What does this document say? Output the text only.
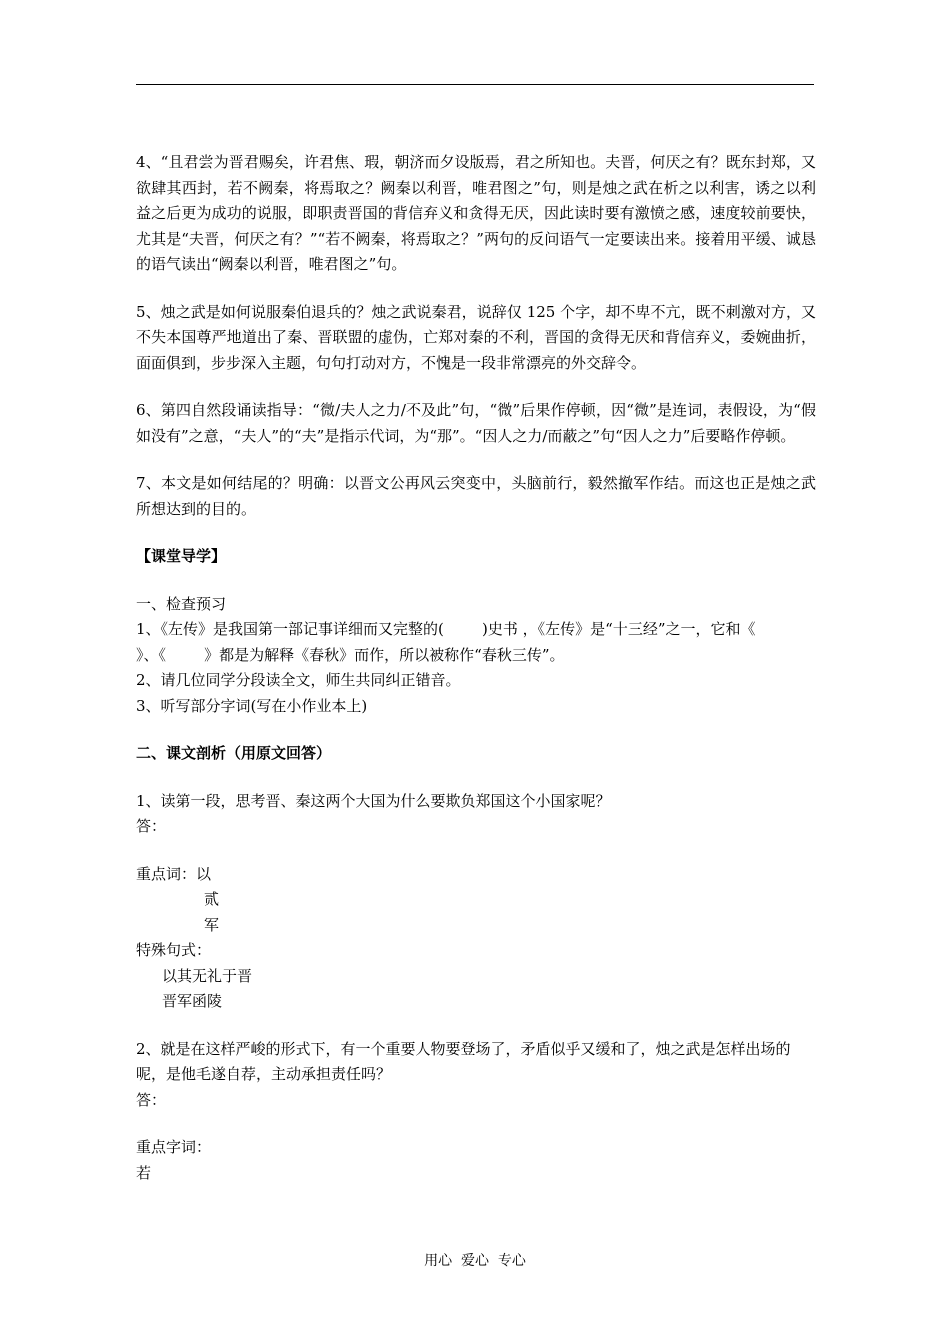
4、“且君尝为晋君赐矣，许君焦、瑕，朝济而夕设版焉，君之所知也。夫晋，何厌之有？既东封郑，又欲肆其西封，若不阙秦，将焉取之？阙秦以利晋，唯君图之”句，则是烛之武在析之以利害，诱之以利益之后更为成功的说服，即职责晋国的背信弃义和贪得无厌，因此读时要有激愤之感，速度较前要快，尤其是“夫晋，何厌之有？”“若不阙秦，将焉取之？”两句的反问语气一定要读出来。接着用平缓、诚恳的语气读出“阙秦以利晋，唯君图之”句。

5、烛之武是如何说服秦伯退兵的？烛之武说秦君，说辞仅 125 个字，却不卑不亢，既不刺激对方，又不失本国尊严地道出了秦、晋联盟的虚伪，亡郑对秦的不利，晋国的贪得无厌和背信弃义，委婉曲折，面面俱到，步步深入主题，句句打动对方，不愧是一段非常漂亮的外交辞令。

6、第四自然段诵读指导：“微/夫人之力/不及此”句，“微”后果作停顿，因“微”是连词，表假设，为“假如没有”之意，“夫人”的“夫”是指示代词，为“那”。“因人之力/而蔽之”句“因人之力”后要略作停顿。

7、本文是如何结尾的？明确：以晋文公再风云突变中，头脑前行，毅然撤军作结。而这也正是烛之武所想达到的目的。

【课堂导学】

一、检查预习

1、《左传》是我国第一部记事详细而又完整的(        )史书 ，《左传》是“十三经”之一，它和《        》、《        》都是为解释《春秋》而作，所以被称作“春秋三传”。

2、请几位同学分段读全文，师生共同纠正错音。

3、听写部分字词(写在小作业本上)

二、课文剖析（用原文回答）

1、读第一段，思考晋、秦这两个大国为什么要欺负郑国这个小国家呢？

答：

重点词：以

贰

军

特殊句式：

以其无礼于晋

晋军函陵

2、就是在这样严峻的形式下，有一个重要人物要登场了，矛盾似乎又缓和了，烛之武是怎样出场的呢，是他毛遂自荐，主动承担责任吗？

答：

重点字词：

若

用心  爱心  专心
